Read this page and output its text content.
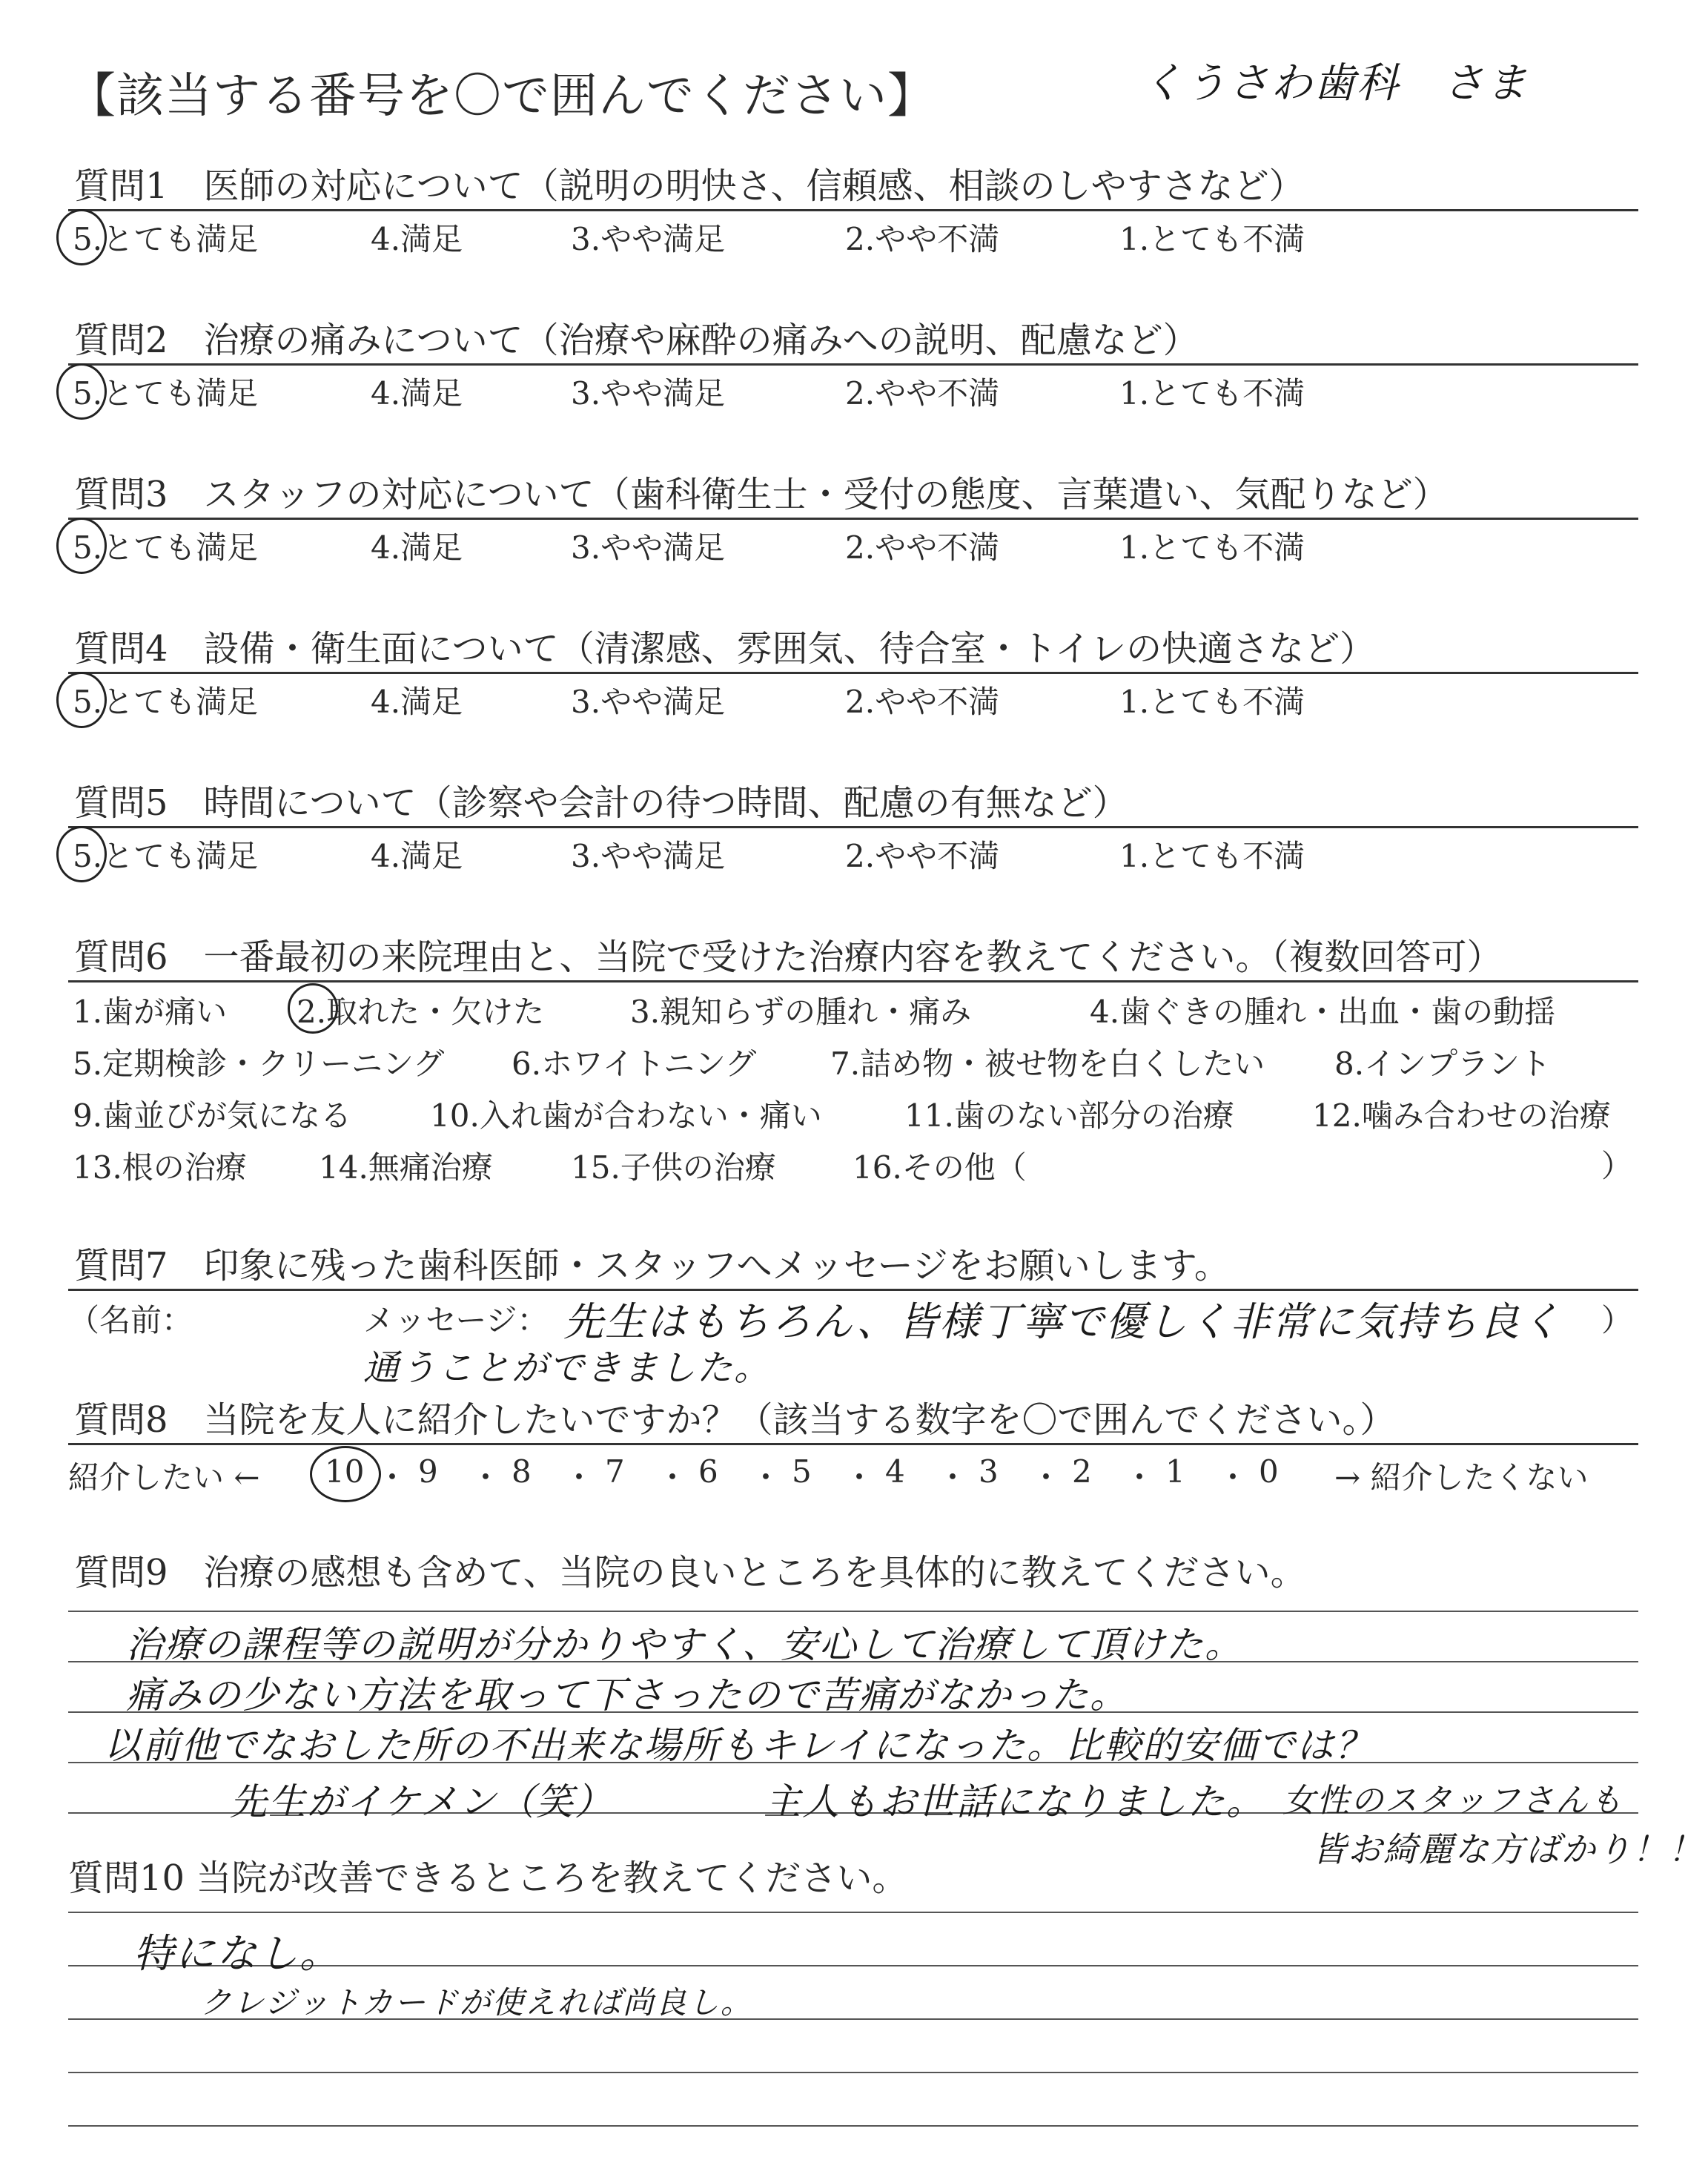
【該当する番号を〇で囲んでください】	くうさわ歯科　さま
質問1　医師の対応について（説明の明快さ、信頼感、相談のしやすさなど）
5.とても満足	4.満足	3.やや満足	2.やや不満	1.とても不満
質問2　治療の痛みについて（治療や麻酔の痛みへの説明、配慮など）
5.とても満足	4.満足	3.やや満足	2.やや不満	1.とても不満
質問3　スタッフの対応について（歯科衛生士・受付の態度、言葉遣い、気配りなど）
5.とても満足	4.満足	3.やや満足	2.やや不満	1.とても不満
質問4　設備・衛生面について（清潔感、雰囲気、待合室・トイレの快適さなど）
5.とても満足	4.満足	3.やや満足	2.やや不満	1.とても不満
質問5　時間について（診察や会計の待つ時間、配慮の有無など）
5.とても満足	4.満足	3.やや満足	2.やや不満	1.とても不満
質問6　一番最初の来院理由と、当院で受けた治療内容を教えてください。（複数回答可）
1.歯が痛い 2.取れた・欠けた	3.親知らずの腫れ・痛み	4.歯ぐきの腫れ・出血・歯の動揺
5.定期検診・クリーニング 6.ホワイトニング 7.詰め物・被せ物を白くしたい 8.インプラント
9.歯並びが気になる	10.入れ歯が合わない・痛い	11.歯のない部分の治療	12.噛み合わせの治療
13.根の治療 14.無痛治療	15.子供の治療 16.その他（	）
質問7　印象に残った歯科医師・スタッフへメッセージをお願いします。
（名前：	メッセージ： 先生はもちろん、皆様丁寧で優しく非常に気持ち良く
通うことができました。
）
質問8　当院を友人に紹介したいですか？（該当する数字を〇で囲んでください。）
紹介したい ← 10 ・ 9 ・ 8 ・ 7 ・ 6 ・ 5 ・ 4 ・ 3 ・ 2 ・ 1 ・ 0 → 紹介したくない
質問9　治療の感想も含めて、当院の良いところを具体的に教えてください。
治療の課程等の説明が分かりやすく、安心して治療して頂けた。
痛みの少ない方法を取って下さったので苦痛がなかった。
以前他でなおした所の不出来な場所もキレイになった。比較的安価では？
先生がイケメン（笑）	主人もお世話になりました。 女性のスタッフさんも
皆お綺麗な方ばかり！！
質問10 当院が改善できるところを教えてください。
特になし。
クレジットカードが使えれば尚良し。
